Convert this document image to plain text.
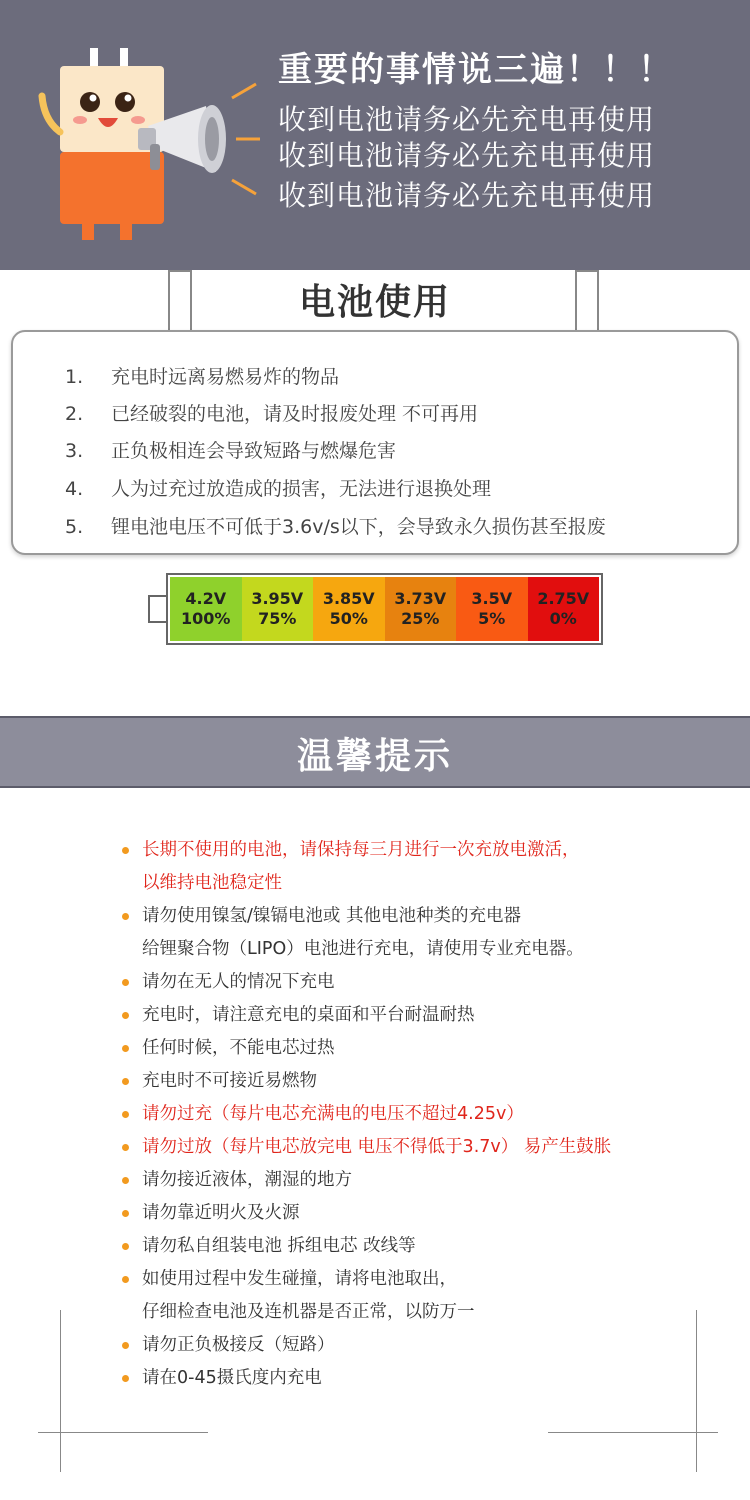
重要的事情说三遍！！！
收到电池请务必先充电再使用
收到电池请务必先充电再使用
收到电池请务必先充电再使用
电池使用
1. 充电时远离易燃易炸的物品
2. 已经破裂的电池，请及时报废处理 不可再用
3. 正负极相连会导致短路与燃爆危害
4. 人为过充过放造成的损害，无法进行退换处理
5. 锂电池电压不可低于3.6v/s以下，会导致永久损伤甚至报废
4.2V
100%
3.95V
75%
3.85V
50%
3.73V
25%
3.5V
5%
2.75V
0%
温馨提示
长期不使用的电池，请保持每三月进行一次充放电激活，
以维持电池稳定性
请勿使用镍氢/镍镉电池或 其他电池种类的充电器
给锂聚合物（LIPO）电池进行充电，请使用专业充电器。
请勿在无人的情况下充电
充电时，请注意充电的桌面和平台耐温耐热
任何时候，不能电芯过热
充电时不可接近易燃物
请勿过充（每片电芯充满电的电压不超过4.25v）
请勿过放（每片电芯放完电 电压不得低于3.7v） 易产生鼓胀
请勿接近液体，潮湿的地方
请勿靠近明火及火源
请勿私自组装电池 拆组电芯 改线等
如使用过程中发生碰撞，请将电池取出，
仔细检查电池及连机器是否正常，以防万一
请勿正负极接反（短路）
请在0-45摄氏度内充电
